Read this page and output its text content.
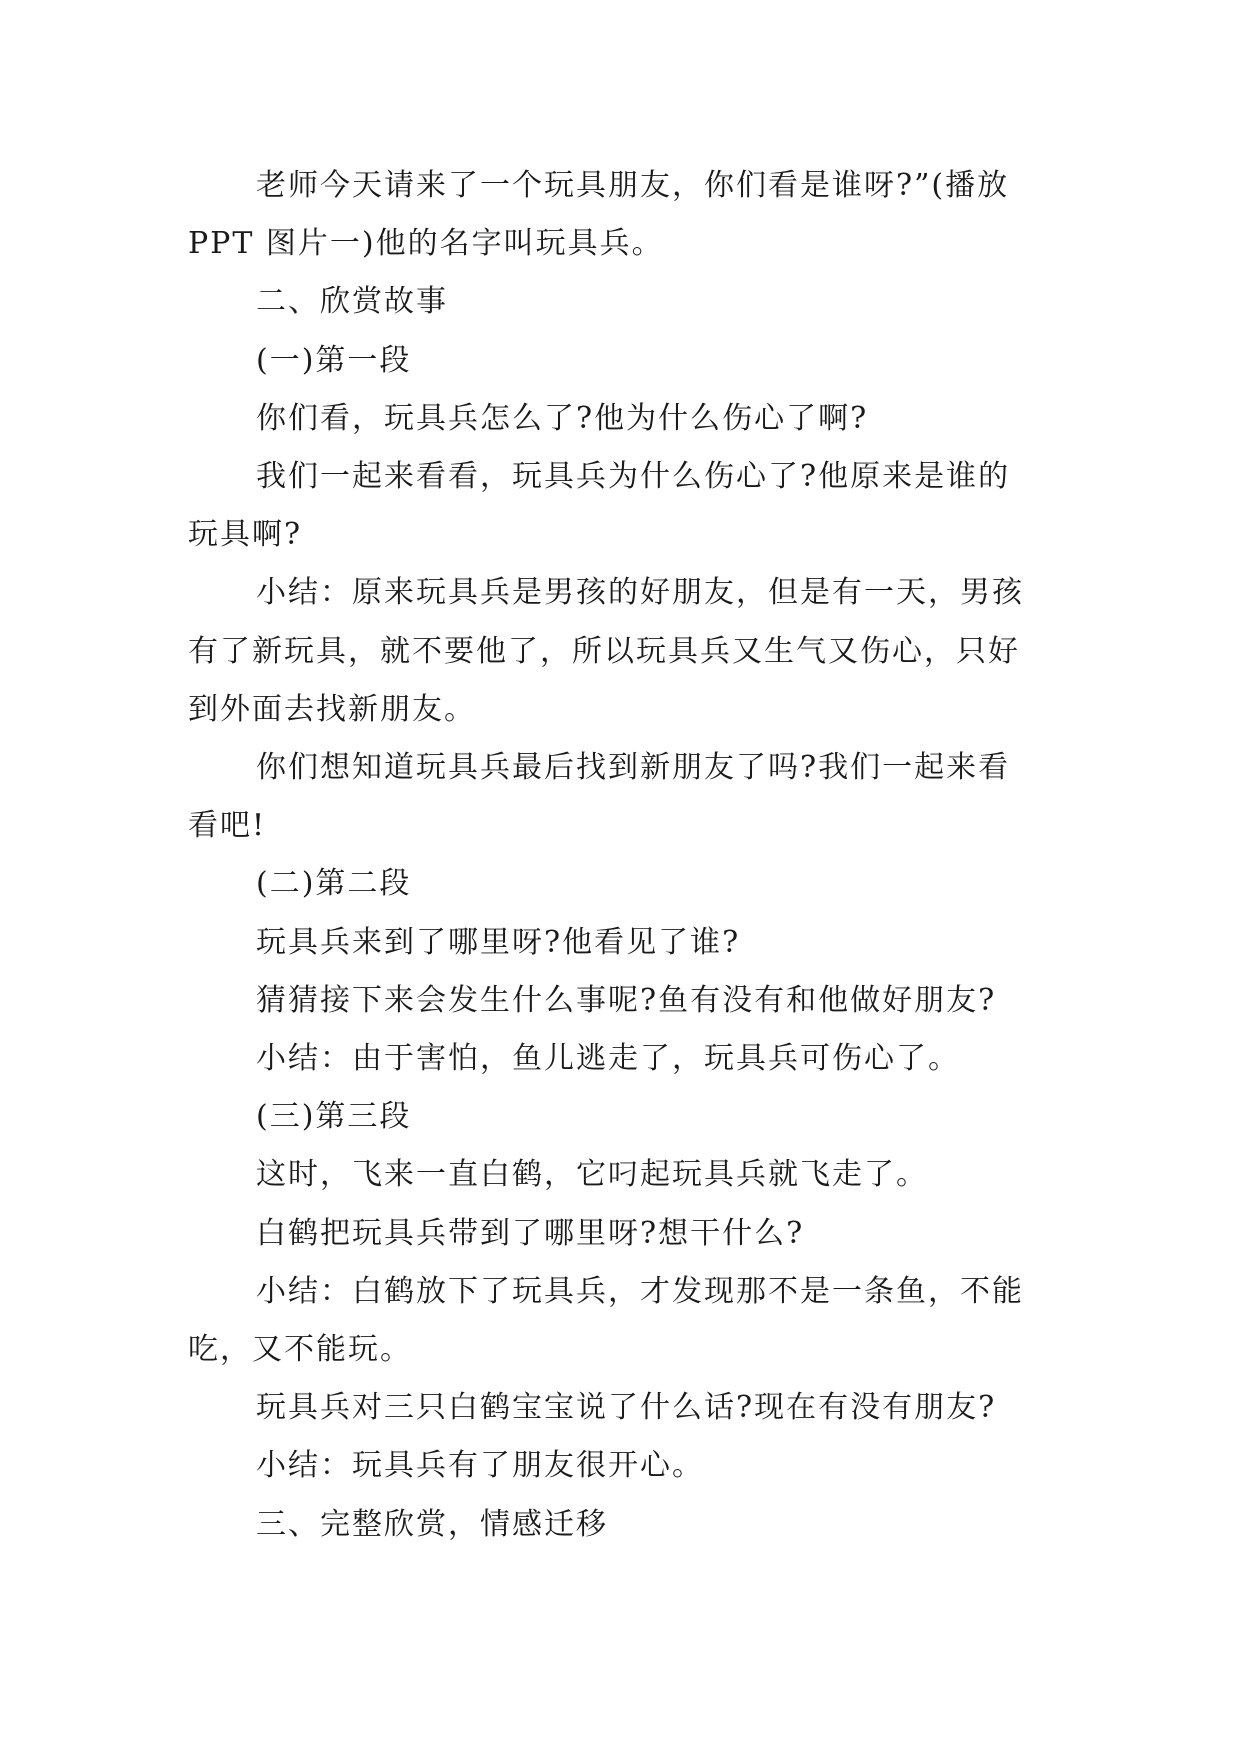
老师今天请来了一个玩具朋友，你们看是谁呀?”(播放
PPT 图片一)他的名字叫玩具兵。
二、欣赏故事
(一)第一段
你们看，玩具兵怎么了?他为什么伤心了啊?
我们一起来看看，玩具兵为什么伤心了?他原来是谁的
玩具啊?
小结：原来玩具兵是男孩的好朋友，但是有一天，男孩
有了新玩具，就不要他了，所以玩具兵又生气又伤心，只好
到外面去找新朋友。
你们想知道玩具兵最后找到新朋友了吗?我们一起来看
看吧!
(二)第二段
玩具兵来到了哪里呀?他看见了谁?
猜猜接下来会发生什么事呢?鱼有没有和他做好朋友?
小结：由于害怕，鱼儿逃走了，玩具兵可伤心了。
(三)第三段
这时，飞来一直白鹤，它叼起玩具兵就飞走了。
白鹤把玩具兵带到了哪里呀?想干什么?
小结：白鹤放下了玩具兵，才发现那不是一条鱼，不能
吃，又不能玩。
玩具兵对三只白鹤宝宝说了什么话?现在有没有朋友?
小结：玩具兵有了朋友很开心。
三、完整欣赏，情感迁移
